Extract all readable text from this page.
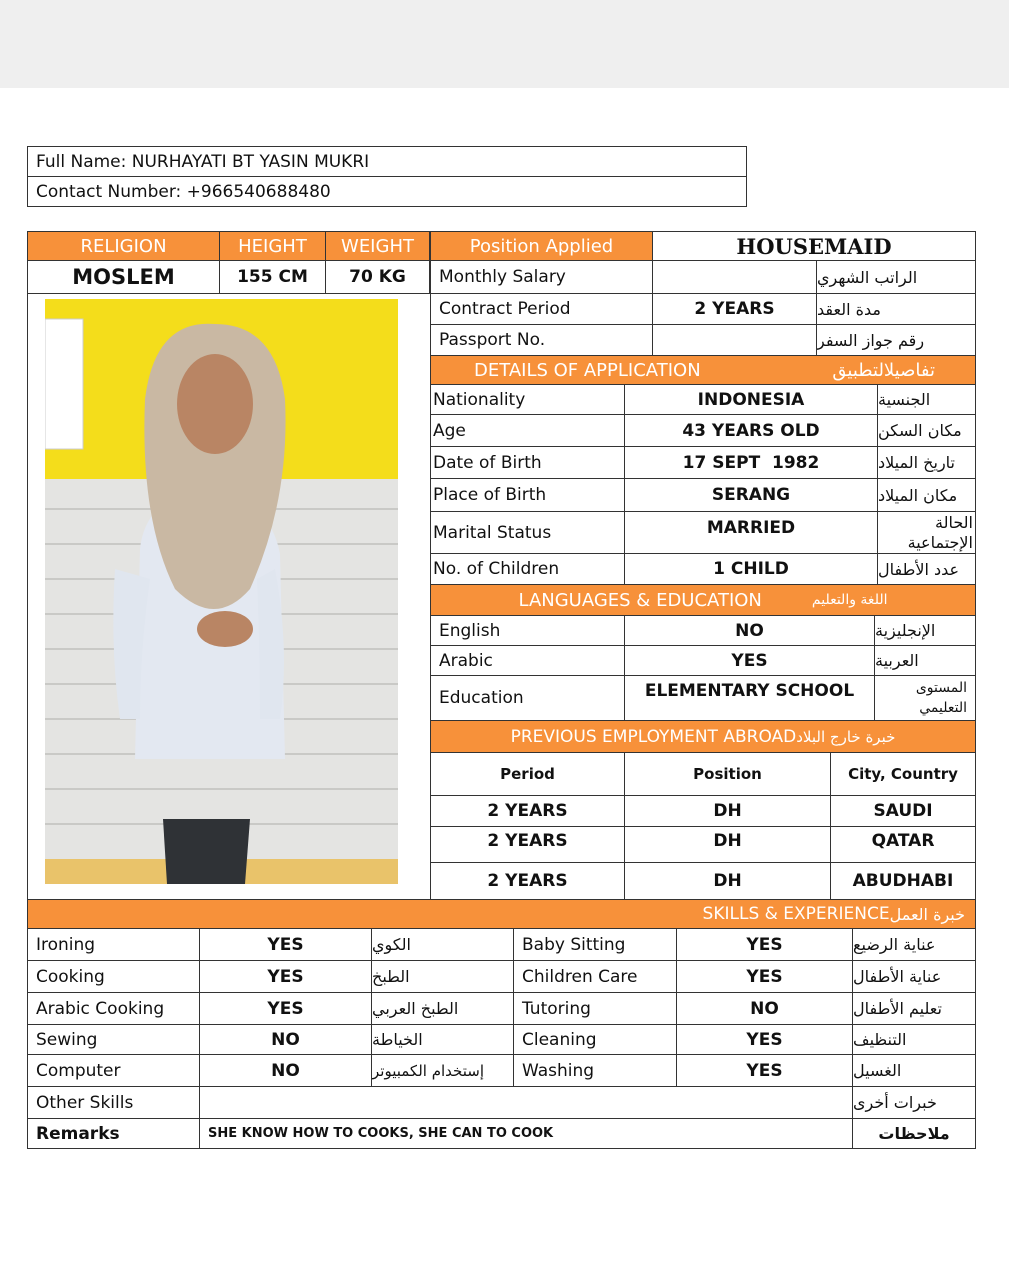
Full Name: NURHAYATI BT YASIN MUKRI
Contact Number: +966540688480
RELIGION	HEIGHT	WEIGHT
MOSLEM	155 CM	70 KG
Position Applied	HOUSEMAID
Monthly Salary	الراتب الشهري
Contract Period	2 YEARS	مدة العقد
Passport No.	رقم جواز السفر
DETAILS OF APPLICATION	تفاصيلالتطبيق
Nationality	INDONESIA	الجنسية
Age	43 YEARS OLD	مكان السكن
Date of Birth	17 SEPT  1982	تاريخ الميلاد
Place of Birth	SERANG	مكان الميلاد
Marital Status	MARRIED	الحالة الإجتماعية
No. of Children	1 CHILD	عدد الأطفال
LANGUAGES & EDUCATION	اللغة والتعليم
English	NO	الإنجليزية
Arabic	YES	العربية
Education	ELEMENTARY SCHOOL	المستوى التعليمي
PREVIOUS EMPLOYMENT ABROAD خبرة خارج البلاد
Period	Position	City, Country
2 YEARS	DH	SAUDI
2 YEARS	DH	QATAR
2 YEARS	DH	ABUDHABI
SKILLS & EXPERIENCE خبرة العمل
Ironing	YES	الكوي	Baby Sitting	YES	عناية الرضيع
Cooking	YES	الطبخ	Children Care	YES	عناية الأطفال
Arabic Cooking	YES	الطبخ العربي	Tutoring	NO	تعليم الأطفال
Sewing	NO	الخياطة	Cleaning	YES	التنظيف
Computer	NO	إستخدام الكمبيوتر	Washing	YES	الغسيل
Other Skills	خبرات أخرى
Remarks	SHE KNOW HOW TO COOKS, SHE CAN TO COOK	ملاحظات
